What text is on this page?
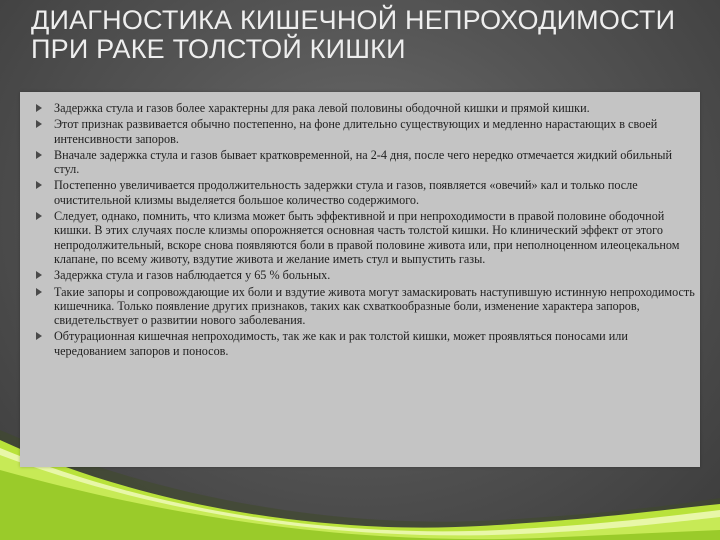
ДИАГНОСТИКА КИШЕЧНОЙ НЕПРОХОДИМОСТИ ПРИ РАКЕ ТОЛСТОЙ КИШКИ
Задержка стула и газов более характерны для рака левой половины ободочной кишки и прямой кишки.
Этот признак развивается обычно постепенно, на фоне длительно существующих и медленно нарастающих в своей интенсивности запоров.
Вначале задержка стула и газов бывает кратковременной, на 2-4 дня, после чего нередко отмечается жидкий обильный стул.
Постепенно увеличивается продолжительность задержки стула и газов, появляется «овечий» кал и только после очистительной клизмы выделяется большое количество содержимого.
Следует, однако, помнить, что клизма может быть эффективной и при непроходимости в правой половине ободочной кишки. В этих случаях после клизмы опорожняется основная часть толстой кишки. Но клинический эффект от этого непродолжительный, вскоре снова появляются боли в правой половине живота или, при неполноценном илеоцекальном клапане, по всему животу, вздутие живота и желание иметь стул и выпустить газы.
Задержка стула и газов наблюдается у 65 % больных.
Такие запоры и сопровождающие их боли и вздутие живота могут замаскировать наступившую истинную непроходимость кишечника. Только появление других признаков, таких как схваткообразные боли, изменение характера запоров, свидетельствует о развитии нового заболевания.
Обтурационная кишечная непроходимость, так же как и рак толстой кишки, может проявляться поносами или чередованием запоров и поносов.
